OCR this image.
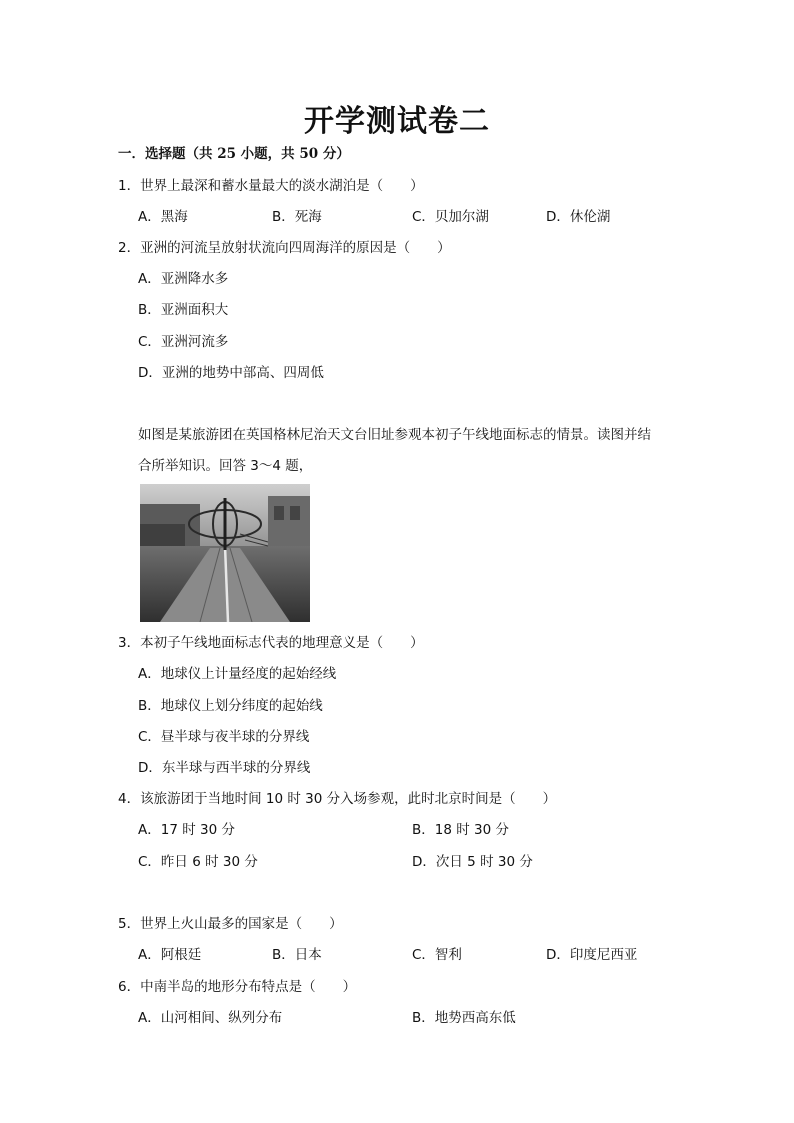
开学测试卷二
一．选择题（共 25 小题，共 50 分）
1．世界上最深和蓄水量最大的淡水湖泊是（　　）
A．黑海	B．死海	C．贝加尔湖	D．休伦湖
2．亚洲的河流呈放射状流向四周海洋的原因是（　　）
A．亚洲降水多
B．亚洲面积大
C．亚洲河流多
D．亚洲的地势中部高、四周低
如图是某旅游团在英国格林尼治天文台旧址参观本初子午线地面标志的情景。读图并结
合所举知识。回答 3～4 题，
3．本初子午线地面标志代表的地理意义是（　　）
A．地球仪上计量经度的起始经线
B．地球仪上划分纬度的起始线
C．昼半球与夜半球的分界线
D．东半球与西半球的分界线
4．该旅游团于当地时间 10 时 30 分入场参观，此时北京时间是（　　）
A．17 时 30 分	B．18 时 30 分
C．昨日 6 时 30 分	D．次日 5 时 30 分
5．世界上火山最多的国家是（　　）
A．阿根廷	B．日本	C．智利	D．印度尼西亚
6．中南半岛的地形分布特点是（　　）
A．山河相间、纵列分布	B．地势西高东低
